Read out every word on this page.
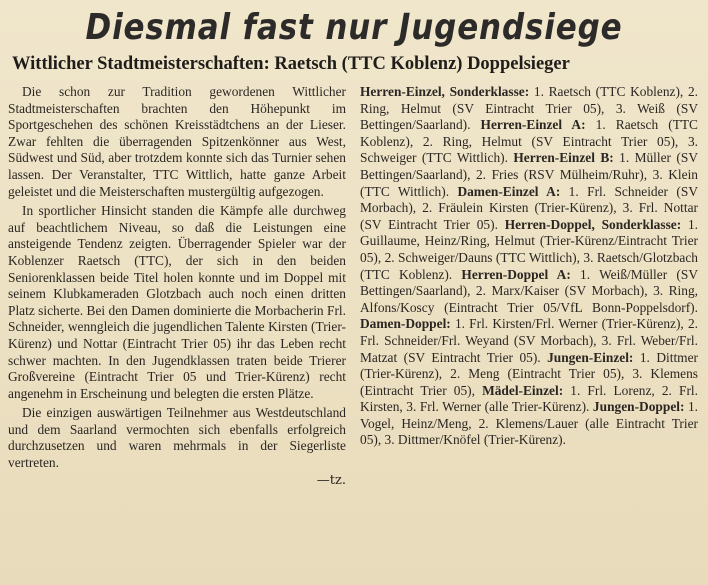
Diesmal fast nur Jugendsiege
Wittlicher Stadtmeisterschaften: Raetsch (TTC Koblenz) Doppelsieger

Die schon zur Tradition gewordenen Wittlicher Stadtmeisterschaften brachten den Höhepunkt im Sportgeschehen des schönen Kreisstädtchens an der Lieser. Zwar fehlten die überragenden Spitzenkönner aus West, Südwest und Süd, aber trotzdem konnte sich das Turnier sehen lassen. Der Veranstalter, TTC Wittlich, hatte ganze Arbeit geleistet und die Meisterschaften mustergültig aufgezogen.

In sportlicher Hinsicht standen die Kämpfe alle durchweg auf beachtlichem Niveau, so daß die Leistungen eine ansteigende Tendenz zeigten. Überragender Spieler war der Koblenzer Raetsch (TTC), der sich in den beiden Seniorenklassen beide Titel holen konnte und im Doppel mit seinem Klubkameraden Glotzbach auch noch einen dritten Platz sicherte. Bei den Damen dominierte die Morbacherin Frl. Schneider, wenngleich die jugendlichen Talente Kirsten (Trier-Kürenz) und Nottar (Eintracht Trier 05) ihr das Leben recht schwer machten. In den Jugendklassen traten beide Trierer Großvereine (Eintracht Trier 05 und Trier-Kürenz) recht angenehm in Erscheinung und belegten die ersten Plätze.

Die einzigen auswärtigen Teilnehmer aus Westdeutschland und dem Saarland vermochten sich ebenfalls erfolgreich durchzusetzen und waren mehrmals in der Siegerliste vertreten.

—tz.

Herren-Einzel, Sonderklasse: 1. Raetsch (TTC Koblenz), 2. Ring, Helmut (SV Eintracht Trier 05), 3. Weiß (SV Bettingen/Saarland). Herren-Einzel A: 1. Raetsch (TTC Koblenz), 2. Ring, Helmut (SV Eintracht Trier 05), 3. Schweiger (TTC Wittlich). Herren-Einzel B: 1. Müller (SV Bettingen/Saarland), 2. Fries (RSV Mülheim/Ruhr), 3. Klein (TTC Wittlich). Damen-Einzel A: 1. Frl. Schneider (SV Morbach), 2. Fräulein Kirsten (Trier-Kürenz), 3. Frl. Nottar (SV Eintracht Trier 05). Herren-Doppel, Sonderklasse: 1. Guillaume, Heinz/Ring, Helmut (Trier-Kürenz/Eintracht Trier 05), 2. Schweiger/Dauns (TTC Wittlich), 3. Raetsch/Glotzbach (TTC Koblenz). Herren-Doppel A: 1. Weiß/Müller (SV Bettingen/Saarland), 2. Marx/Kaiser (SV Morbach), 3. Ring, Alfons/Koscy (Eintracht Trier 05/VfL Bonn-Poppelsdorf). Damen-Doppel: 1. Frl. Kirsten/Frl. Werner (Trier-Kürenz), 2. Frl. Schneider/Frl. Weyand (SV Morbach), 3. Frl. Weber/Frl. Matzat (SV Eintracht Trier 05). Jungen-Einzel: 1. Dittmer (Trier-Kürenz), 2. Meng (Eintracht Trier 05), 3. Klemens (Eintracht Trier 05), Mädel-Einzel: 1. Frl. Lorenz, 2. Frl. Kirsten, 3. Frl. Werner (alle Trier-Kürenz). Jungen-Doppel: 1. Vogel, Heinz/Meng, 2. Klemens/Lauer (alle Eintracht Trier 05), 3. Dittmer/Knöfel (Trier-Kürenz).
